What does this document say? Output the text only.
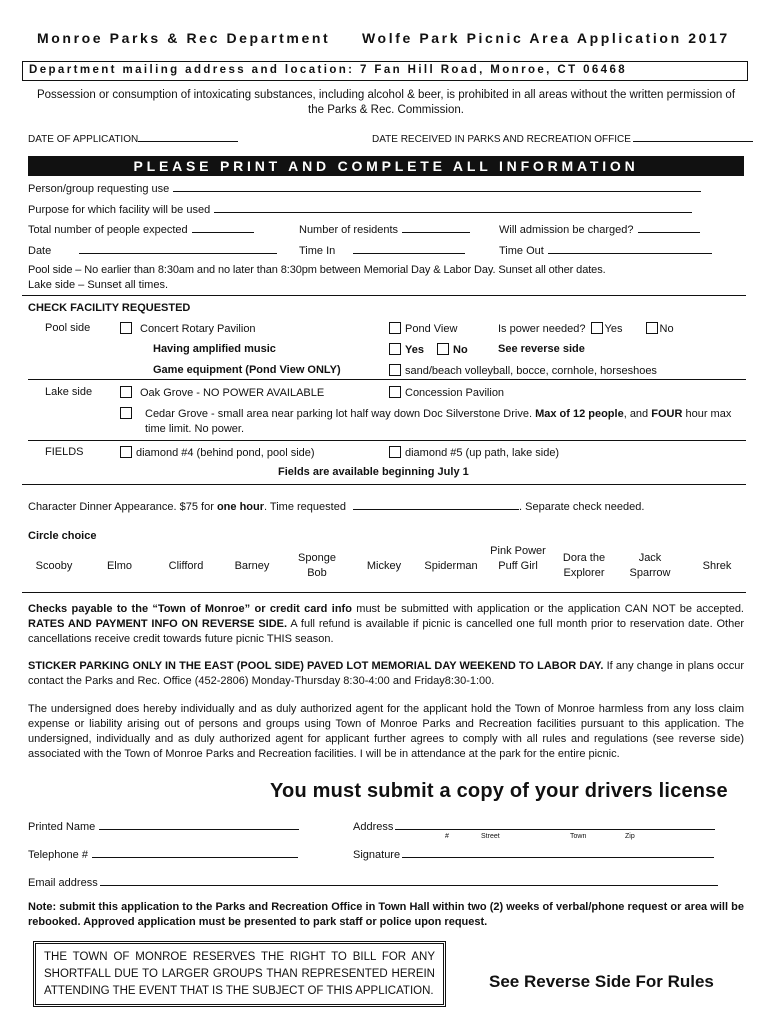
Monroe Parks & Rec Department Wolfe Park Picnic Area Application 2017
Department mailing address and location: 7 Fan Hill Road, Monroe, CT 06468
Possession or consumption of intoxicating substances, including alcohol & beer, is prohibited in all areas without the written permission of the Parks & Rec. Commission.
DATE OF APPLICATION	DATE RECEIVED IN PARKS AND RECREATION OFFICE
PLEASE PRINT AND COMPLETE ALL INFORMATION
Person/group requesting use
Purpose for which facility will be used
Total number of people expected	Number of residents	Will admission be charged?
Date	Time In	Time Out
Pool side – No earlier than 8:30am and no later than 8:30pm between Memorial Day & Labor Day. Sunset all other dates.
Lake side – Sunset all times.
CHECK FACILITY REQUESTED
Pool side	Concert Rotary Pavilion	Pond View	Is power needed? Yes	No
Having amplified music	Yes	No	See reverse side
Game equipment (Pond View ONLY)	sand/beach volleyball, bocce, cornhole, horseshoes
Lake side	Oak Grove - NO POWER AVAILABLE	Concession Pavilion
Cedar Grove - small area near parking lot half way down Doc Silverstone Drive. Max of 12 people, and FOUR hour max time limit. No power.
FIELDS	diamond #4 (behind pond, pool side)	diamond #5 (up path, lake side)
Fields are available beginning July 1
Character Dinner Appearance. $75 for one hour. Time requested	. Separate check needed.
Circle choice
Scooby	Elmo	Clifford	Barney
Sponge Bob
Mickey	Spiderman
Pink Power Puff Girl
Dora the Explorer
Jack Sparrow
Shrek
Checks payable to the “Town of Monroe” or credit card info must be submitted with application or the application CAN NOT be accepted. RATES AND PAYMENT INFO ON REVERSE SIDE. A full refund is available if picnic is cancelled one full month prior to reservation date. Other cancellations receive credit towards future picnic THIS season.
STICKER PARKING ONLY IN THE EAST (POOL SIDE) PAVED LOT MEMORIAL DAY WEEKEND TO LABOR DAY. If any change in plans occur contact the Parks and Rec. Office (452-2806) Monday-Thursday 8:30-4:00 and Friday8:30-1:00.
The undersigned does hereby individually and as duly authorized agent for the applicant hold the Town of Monroe harmless from any loss claim expense or liability arising out of persons and groups using Town of Monroe Parks and Recreation facilities pursuant to this application. The undersigned, individually and as duly authorized agent for applicant further agrees to comply with all rules and regulations (see reverse side) associated with the Town of Monroe Parks and Recreation facilities. I will be in attendance at the park for the entire picnic.
You must submit a copy of your drivers license
Printed Name	Address
#	Street	Town	Zip
Telephone #	Signature
Email address
Note: submit this application to the Parks and Recreation Office in Town Hall within two (2) weeks of verbal/phone request or area will be rebooked. Approved application must be presented to park staff or police upon request.
THE TOWN OF MONROE RESERVES THE RIGHT TO BILL FOR ANY SHORTFALL DUE TO LARGER GROUPS THAN REPRESENTED HEREIN ATTENDING THE EVENT THAT IS THE SUBJECT OF THIS APPLICATION.	See Reverse Side For Rules
